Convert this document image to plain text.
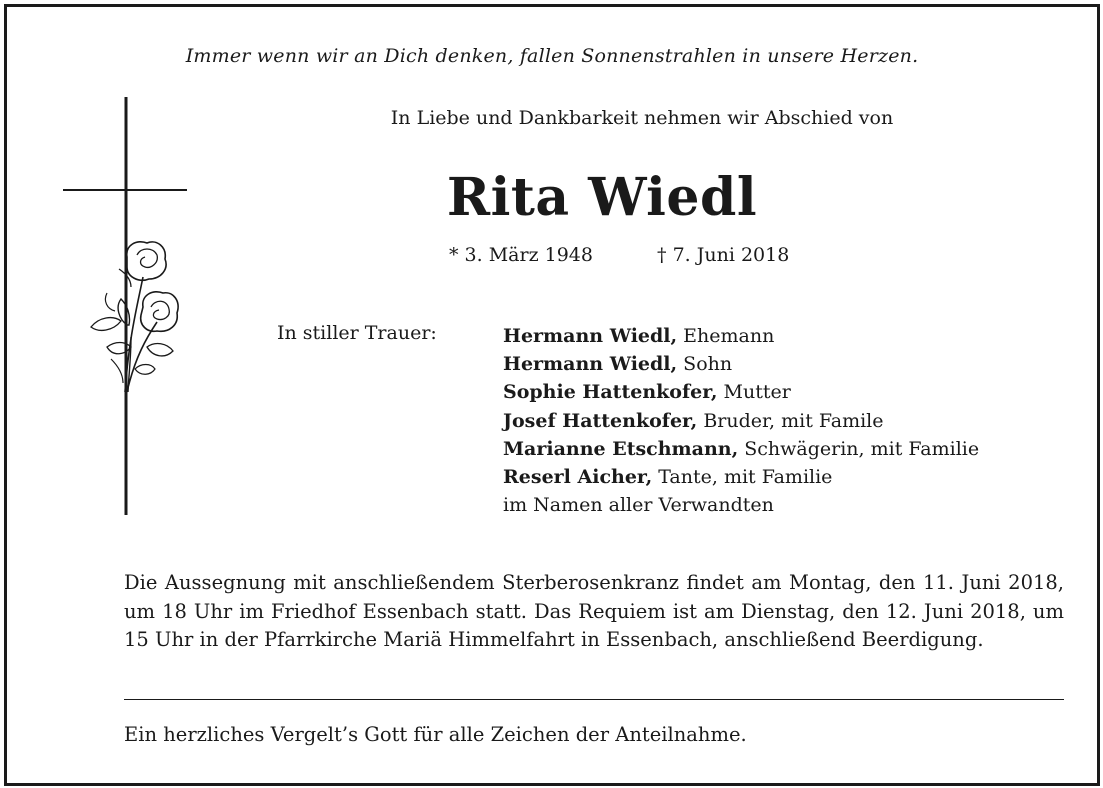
Immer wenn wir an Dich denken, fallen Sonnenstrahlen in unsere Herzen.
In Liebe und Dankbarkeit nehmen wir Abschied von
Rita Wiedl
* 3. März 1948	† 7. Juni 2018
In stiller Trauer:	Hermann Wiedl, Ehemann
Hermann Wiedl, Sohn
Sophie Hattenkofer, Mutter
Josef Hattenkofer, Bruder, mit Famile
Marianne Etschmann, Schwägerin, mit Familie
Reserl Aicher, Tante, mit Familie
im Namen aller Verwandten
Die Aussegnung mit anschließendem Sterberosenkranz findet am Montag, den 11. Juni 2018, um 18 Uhr im Friedhof Essenbach statt. Das Requiem ist am Dienstag, den 12. Juni 2018, um 15 Uhr in der Pfarrkirche Mariä Himmelfahrt in Essenbach, anschließend Beerdigung.
Ein herzliches Vergelt’s Gott für alle Zeichen der Anteilnahme.
